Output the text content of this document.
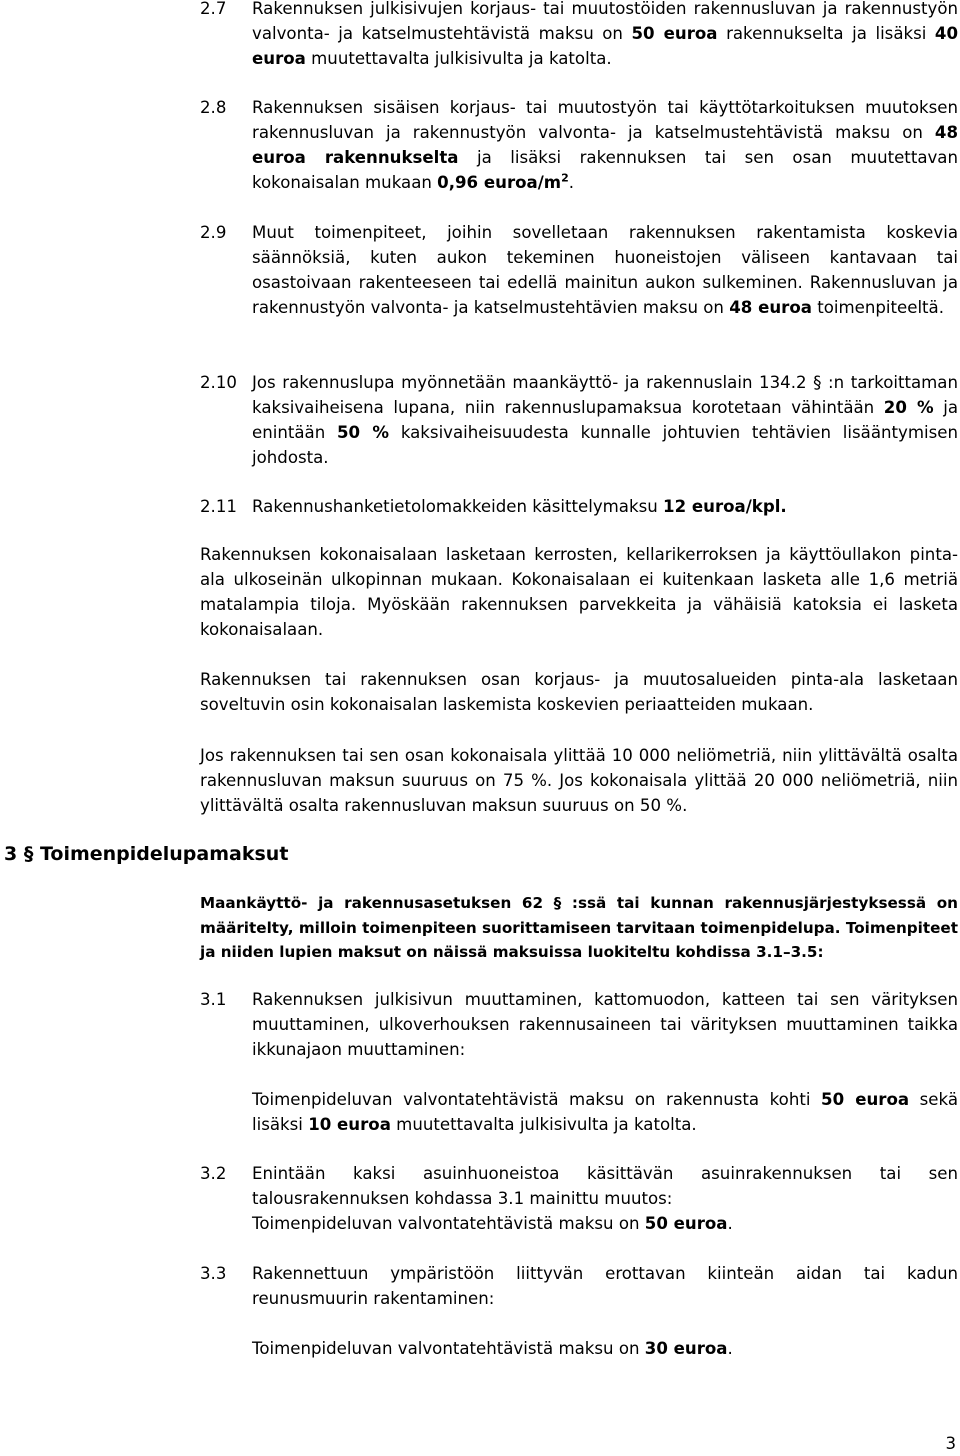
2.7 Rakennuksen julkisivujen korjaus- tai muutostöiden rakennusluvan ja rakennustyön valvonta- ja katselmustehtävistä maksu on 50 euroa rakennukselta ja lisäksi 40 euroa muutettavalta julkisivulta ja katolta.
2.8 Rakennuksen sisäisen korjaus- tai muutostyön tai käyttötarkoituksen muutoksen rakennusluvan ja rakennustyön valvonta- ja katselmustehtävistä maksu on 48 euroa rakennukselta ja lisäksi rakennuksen tai sen osan muutettavan kokonaisalan mukaan 0,96 euroa/$m^2$.
2.9 Muut toimenpiteet, joihin sovelletaan rakennuksen rakentamista koskevia säännöksiä, kuten aukon tekeminen huoneistojen väliseen kantavaan tai osastoivaan rakenteeseen tai edellä mainitun aukon sulkeminen. Rakennusluvan ja rakennustyön valvonta- ja katselmustehtävien maksu on 48 euroa toimenpiteeltä.
2.10 Jos rakennuslupa myönnetään maankäyttö- ja rakennuslain 134.2 § :n tarkoittaman kaksivaiheisena lupana, niin rakennuslupamaksua korotetaan vähintään 20 % ja enintään 50 % kaksivaiheisuudesta kunnalle johtuvien tehtävien lisääntymisen johdosta.
2.11 Rakennushanketietolomakkeiden käsittelymaksu 12 euroa/kpl.
Rakennuksen kokonaisalaan lasketaan kerrosten, kellarikerroksen ja käyttöullakon pinta-ala ulkoseinän ulkopinnan mukaan. Kokonaisalaan ei kuitenkaan lasketa alle 1,6 metriä matalampia tiloja. Myöskään rakennuksen parvekkeita ja vähäisiä katoksia ei lasketa kokonaisalaan.
Rakennuksen tai rakennuksen osan korjaus- ja muutosalueiden pinta-ala lasketaan soveltuvin osin kokonaisalan laskemista koskevien periaatteiden mukaan.
Jos rakennuksen tai sen osan kokonaisala ylittää 10 000 neliömetriä, niin ylittävältä osalta rakennusluvan maksun suuruus on 75 %. Jos kokonaisala ylittää 20 000 neliömetriä, niin ylittävältä osalta rakennusluvan maksun suuruus on 50 %.
3 § Toimenpidelupamaksut
Maankäyttö- ja rakennusasetuksen 62 § :ssä tai kunnan rakennusjärjestyksessä on määritelty, milloin toimenpiteen suorittamiseen tarvitaan toimenpidelupa. Toimenpiteet ja niiden lupien maksut on näissä maksuissa luokiteltu kohdissa 3.1–3.5:
3.1 Rakennuksen julkisivun muuttaminen, kattomuodon, katteen tai sen värityksen muuttaminen, ulkoverhouksen rakennusaineen tai värityksen muuttaminen taikka ikkunajaon muuttaminen:
Toimenpideluvan valvontatehtävistä maksu on rakennusta kohti 50 euroa sekä lisäksi 10 euroa muutettavalta julkisivulta ja katolta.
3.2 Enintään kaksi asuinhuoneistoa käsittävän asuinrakennuksen tai sen talousrakennuksen kohdassa 3.1 mainittu muutos:
Toimenpideluvan valvontatehtävistä maksu on 50 euroa.
3.3 Rakennettuun ympäristöön liittyvän erottavan kiinteän aidan tai kadun reunusmuurin rakentaminen:
Toimenpideluvan valvontatehtävistä maksu on 30 euroa.
3
